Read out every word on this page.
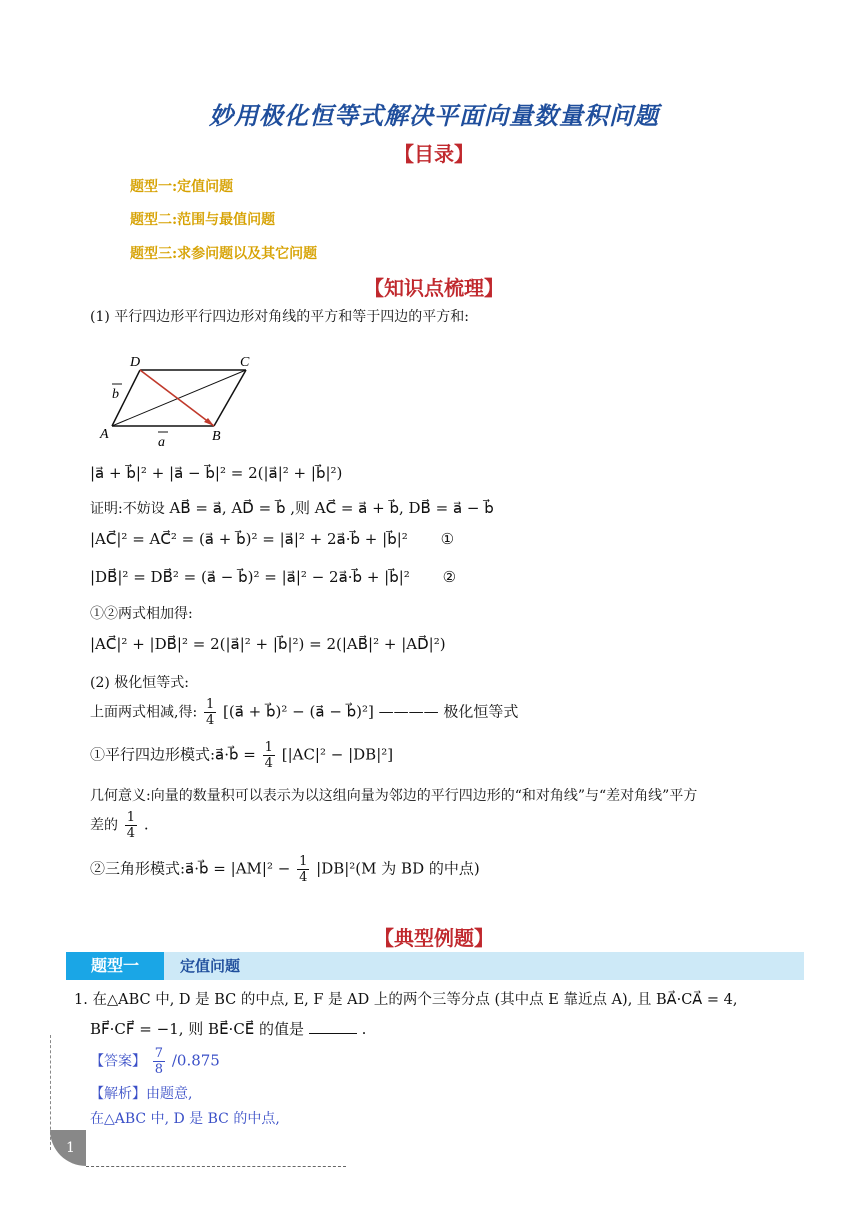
妙用极化恒等式解决平面向量数量积问题
【目录】
题型一:定值问题
题型二:范围与最值问题
题型三:求参问题以及其它问题
【知识点梳理】
(1) 平行四边形平行四边形对角线的平方和等于四边的平方和:
A	B
C
D
a
b
|a⃗ + b⃗|² + |a⃗ − b⃗|² = 2(|a⃗|² + |b⃗|²)
证明:不妨设 AB⃗ = a⃗, AD⃗ = b⃗ ,则 AC⃗ = a⃗ + b⃗, DB⃗ = a⃗ − b⃗
|AC⃗|² = AC⃗² = (a⃗ + b⃗)² = |a⃗|² + 2a⃗·b⃗ + |b⃗|² ①
|DB⃗|² = DB⃗² = (a⃗ − b⃗)² = |a⃗|² − 2a⃗·b⃗ + |b⃗|² ②
①②两式相加得:
|AC⃗|² + |DB⃗|² = 2(|a⃗|² + |b⃗|²) = 2(|AB⃗|² + |AD⃗|²)
(2) 极化恒等式:
上面两式相减,得: $\frac{1}{4}$ [(a⃗ + b⃗)² − (a⃗ − b⃗)²] ———— 极化恒等式
①平行四边形模式:a⃗·b⃗ = $\frac{1}{4} [|AC|^2 - |DB|^2]$
几何意义:向量的数量积可以表示为以这组向量为邻边的平行四边形的“和对角线”与“差对角线”平方
差的 $\frac{1}{4}$ .
②三角形模式:a⃗·b⃗ = $|AM|^2 - \frac{1}{4} |DB|^2(M$ 为 BD 的中点)
【典型例题】
题型一	定值问题
1. 在△ABC 中, D 是 BC 的中点, E, F 是 AD 上的两个三等分点 (其中点 E 靠近点 A), 且 BA⃗·CA⃗ = 4,
BF⃗·CF⃗ = −1, 则 BE⃗·CE⃗ 的值是	.
【答案】 $\frac{7}{8} /0.875$
【解析】由题意,
在△ABC 中, D 是 BC 的中点,
1
